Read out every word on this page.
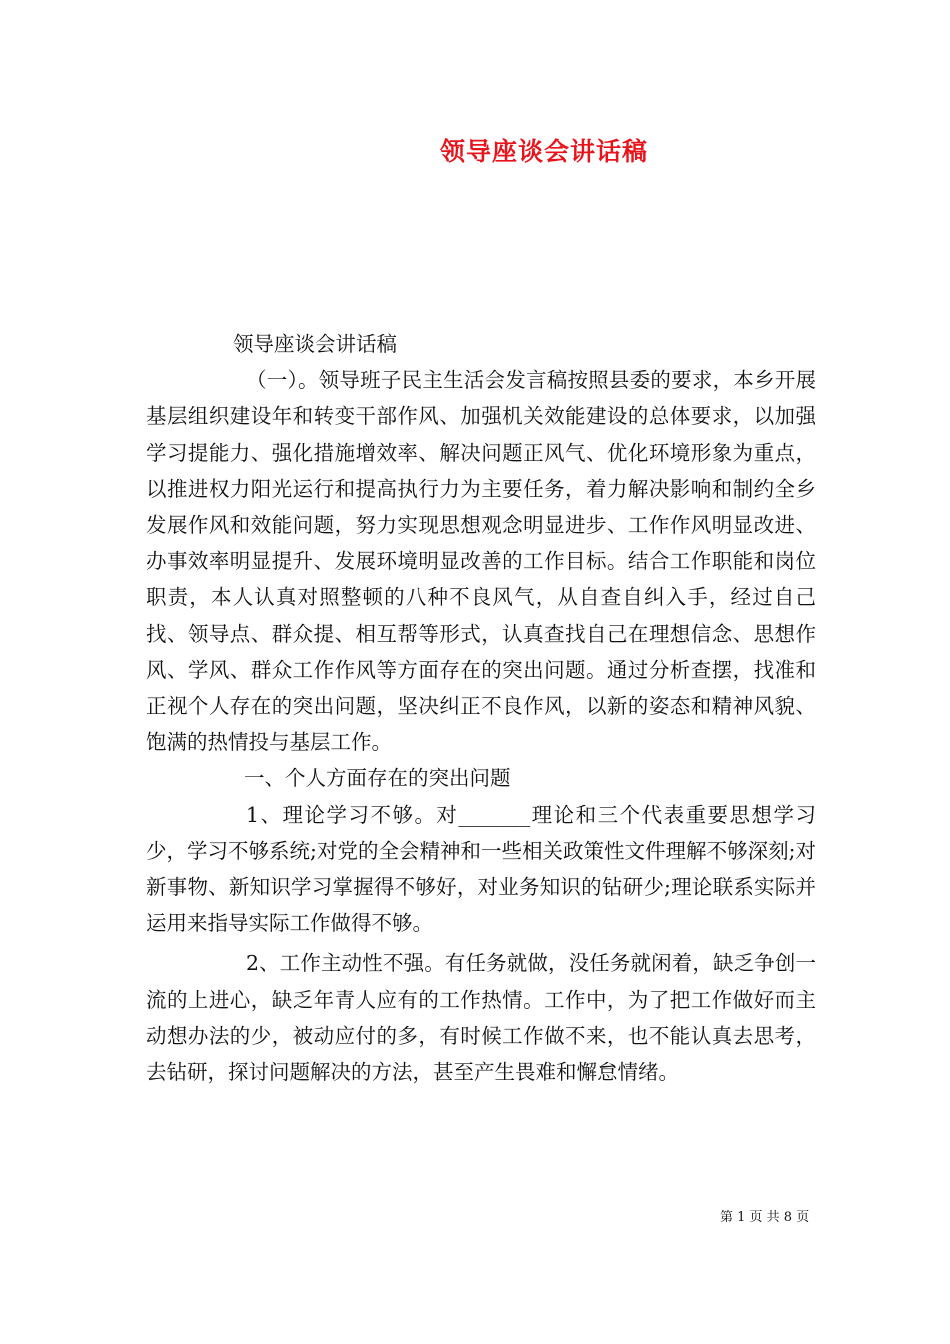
领导座谈会讲话稿

领导座谈会讲话稿

（一）。领导班子民主生活会发言稿按照县委的要求，本乡开展基层组织建设年和转变干部作风、加强机关效能建设的总体要求，以加强学习提能力、强化措施增效率、解决问题正风气、优化环境形象为重点，以推进权力阳光运行和提高执行力为主要任务，着力解决影响和制约全乡发展作风和效能问题，努力实现思想观念明显进步、工作作风明显改进、办事效率明显提升、发展环境明显改善的工作目标。结合工作职能和岗位职责，本人认真对照整顿的八种不良风气，从自查自纠入手，经过自己找、领导点、群众提、相互帮等形式，认真查找自己在理想信念、思想作风、学风、群众工作作风等方面存在的突出问题。通过分析查摆，找准和正视个人存在的突出问题，坚决纠正不良作风，以新的姿态和精神风貌、饱满的热情投与基层工作。

一、个人方面存在的突出问题

1、理论学习不够。对_______理论和三个代表重要思想学习少，学习不够系统;对党的全会精神和一些相关政策性文件理解不够深刻;对新事物、新知识学习掌握得不够好，对业务知识的钻研少;理论联系实际并运用来指导实际工作做得不够。

2、工作主动性不强。有任务就做，没任务就闲着，缺乏争创一流的上进心，缺乏年青人应有的工作热情。工作中，为了把工作做好而主动想办法的少，被动应付的多，有时候工作做不来，也不能认真去思考，去钻研，探讨问题解决的方法，甚至产生畏难和懈怠情绪。

第 1 页 共 8 页
